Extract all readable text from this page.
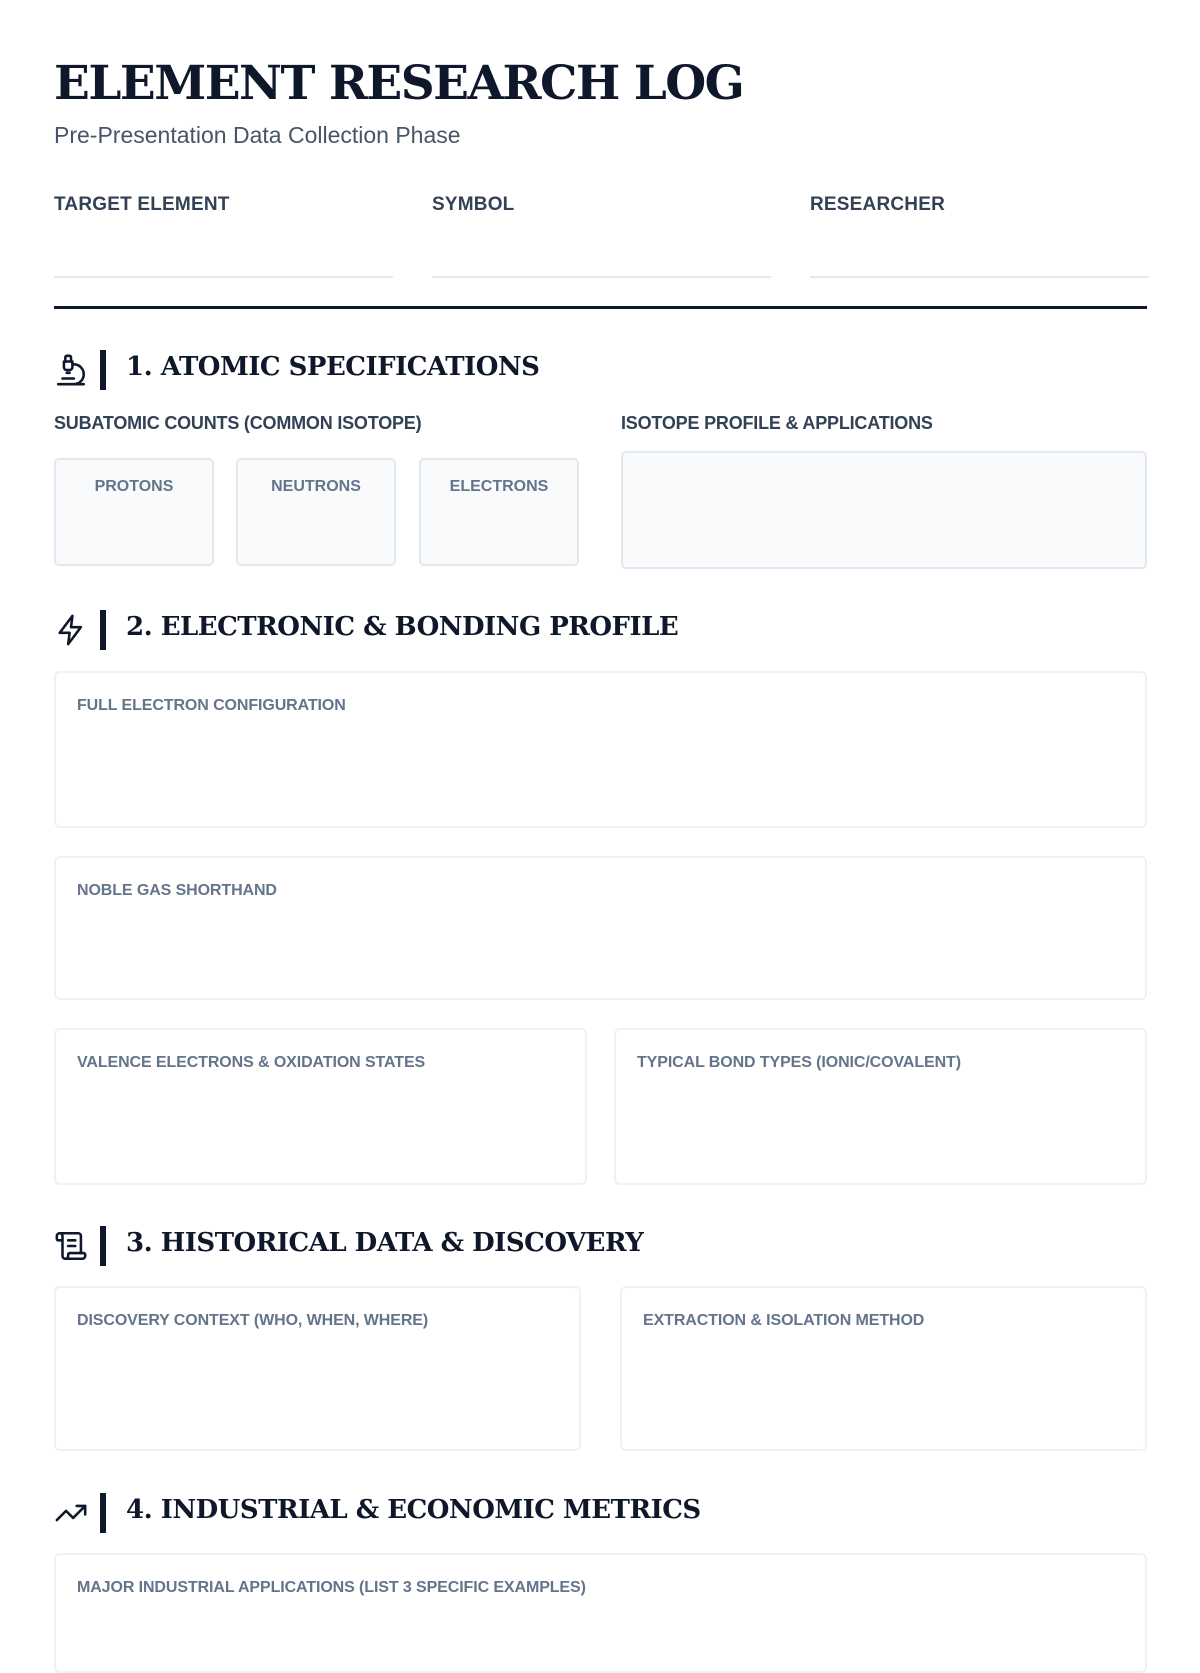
ELEMENT RESEARCH LOG
Pre-Presentation Data Collection Phase
TARGET ELEMENT	SYMBOL	RESEARCHER
1. ATOMIC SPECIFICATIONS
SUBATOMIC COUNTS (COMMON ISOTOPE)	ISOTOPE PROFILE & APPLICATIONS
PROTONS	NEUTRONS	ELECTRONS
2. ELECTRONIC & BONDING PROFILE
FULL ELECTRON CONFIGURATION
NOBLE GAS SHORTHAND
VALENCE ELECTRONS & OXIDATION STATES	TYPICAL BOND TYPES (IONIC/COVALENT)
3. HISTORICAL DATA & DISCOVERY
DISCOVERY CONTEXT (WHO, WHEN, WHERE)	EXTRACTION & ISOLATION METHOD
4. INDUSTRIAL & ECONOMIC METRICS
MAJOR INDUSTRIAL APPLICATIONS (LIST 3 SPECIFIC EXAMPLES)
